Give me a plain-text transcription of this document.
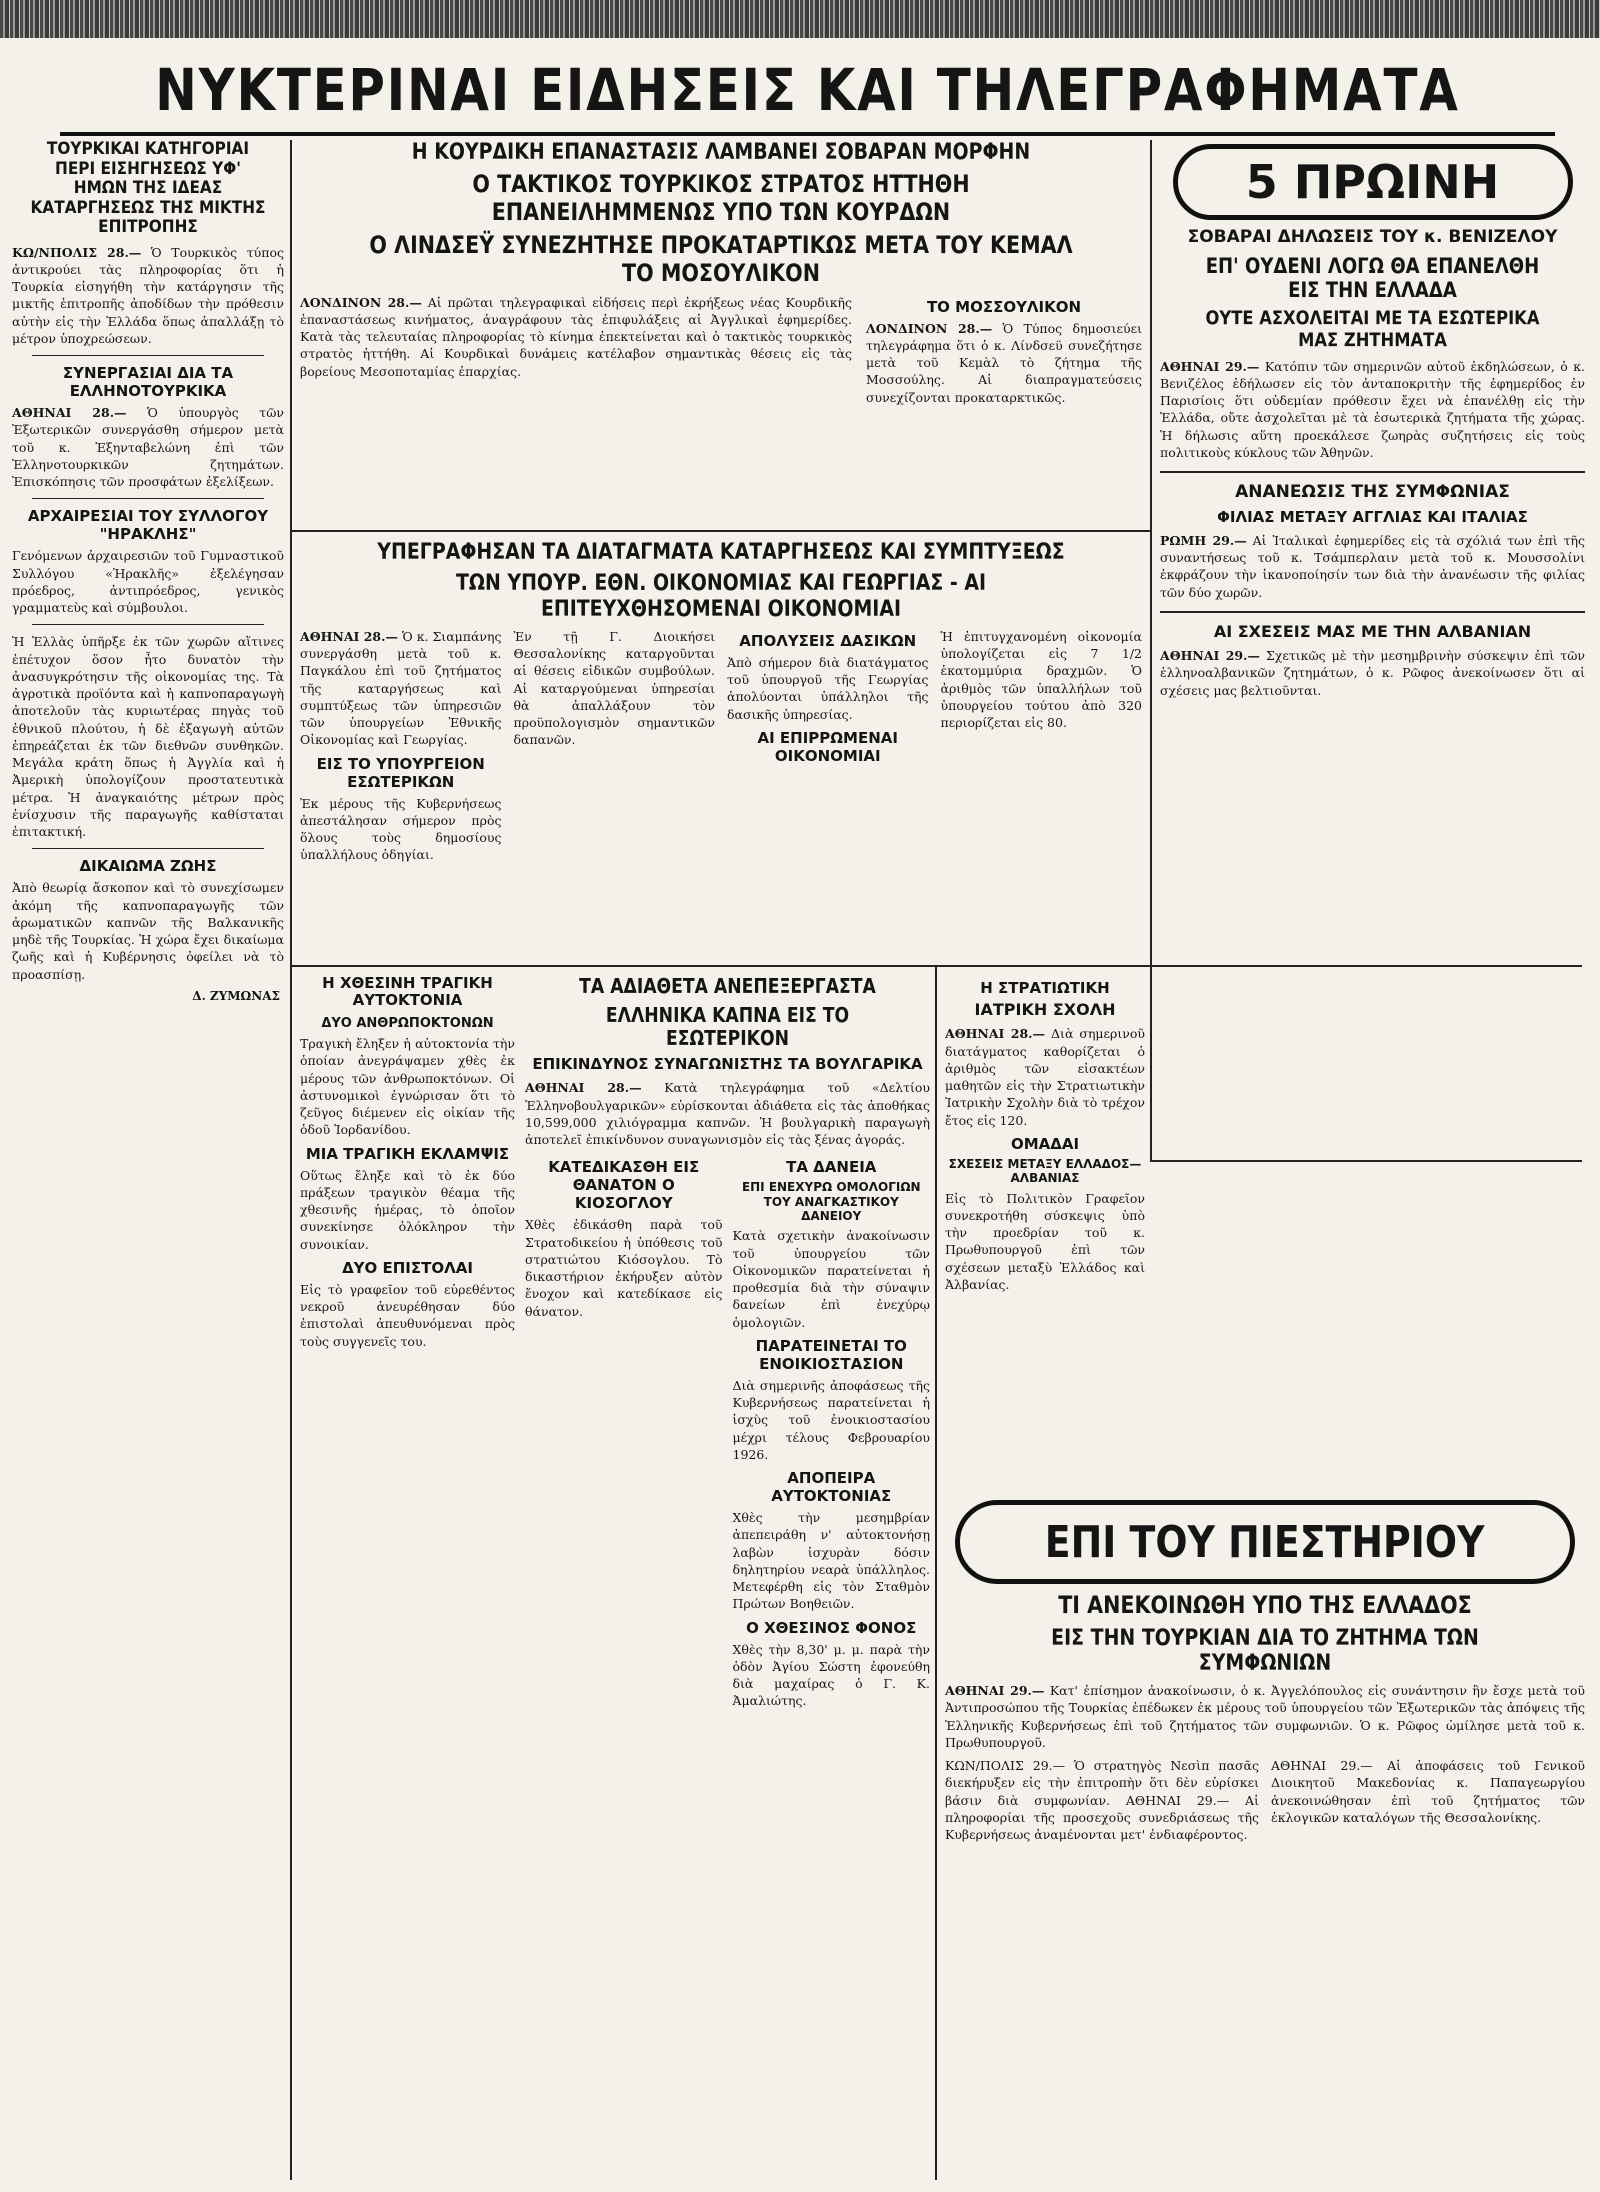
ΝΥΚΤΕΡΙΝΑΙ ΕΙΔΗΣΕΙΣ ΚΑΙ ΤΗΛΕΓΡΑΦΗΜΑΤΑ
ΤΟΥΡΚΙΚΑΙ ΚΑΤΗΓΟΡΙΑΙ ΠΕΡΙ ΕΙΣΗΓΗΣΕΩΣ ΥΦ' ΗΜΩΝ ΤΗΣ ΙΔΕΑΣ ΚΑΤΑΡΓΗΣΕΩΣ ΤΗΣ ΜΙΚΤΗΣ ΕΠΙΤΡΟΠΗΣ

ΚΩ/ΝΠΟΛΙΣ 28.— Ὁ Τουρκικὸς τύπος ἀντικρούει τὰς πληροφορίας ὅτι ἡ Τουρκία εἰσηγήθη τὴν κατάργησιν τῆς μικτῆς ἐπιτροπῆς ἀποδίδων τὴν πρόθεσιν αὐτὴν εἰς τὴν Ἑλλάδα ὅπως ἀπαλλάξῃ τὸ μέτρον ὑποχρεώσεων.

ΣΥΝΕΡΓΑΣΙΑΙ ΔΙΑ ΤΑ ΕΛΛΗΝΟΤΟΥΡΚΙΚΑ

ΑΘΗΝΑΙ 28.— Ὁ ὑπουργὸς τῶν Ἐξωτερικῶν συνεργάσθη σήμερον μετὰ τοῦ κ. Ἐξηνταβελώνη ἐπὶ τῶν Ἑλληνοτουρκικῶν ζητημάτων. Ἐπισκόπησις τῶν προσφάτων ἐξελίξεων.

ΑΡΧΑΙΡΕΣΙΑΙ ΤΟΥ ΣΥΛΛΟΓΟΥ "ΗΡΑΚΛΗΣ"

Γενόμενων ἀρχαιρεσιῶν τοῦ Γυμναστικοῦ Συλλόγου «Ἡρακλῆς» ἐξελέγησαν πρόεδρος, ἀντιπρόεδρος, γενικὸς γραμματεὺς καὶ σύμβουλοι.

Ἡ Ἑλλὰς ὑπῆρξε ἐκ τῶν χωρῶν αἵτινες ἐπέτυχον ὅσον ἦτο δυνατὸν τὴν ἀνασυγκρότησιν τῆς οἰκονομίας της. Τὰ ἀγροτικὰ προϊόντα καὶ ἡ καπνοπαραγωγὴ ἀποτελοῦν τὰς κυριωτέρας πηγὰς τοῦ ἐθνικοῦ πλούτου, ἡ δὲ ἐξαγωγὴ αὐτῶν ἐπηρεάζεται ἐκ τῶν διεθνῶν συνθηκῶν. Μεγάλα κράτη ὅπως ἡ Ἀγγλία καὶ ἡ Ἀμερικὴ ὑπολογίζουν προστατευτικὰ μέτρα. Ἡ ἀναγκαιότης μέτρων πρὸς ἐνίσχυσιν τῆς παραγωγῆς καθίσταται ἐπιτακτική.

ΔΙΚΑΙΩΜΑ ΖΩΗΣ

Ἀπὸ θεωρίᾳ ἄσκοπον καὶ τὸ συνεχίσωμεν ἀκόμη τῆς καπνοπαραγωγῆς τῶν ἀρωματικῶν καπνῶν τῆς Βαλκανικῆς μηδὲ τῆς Τουρκίας. Ἡ χώρα ἔχει δικαίωμα ζωῆς καὶ ἡ Κυβέρνησις ὀφείλει νὰ τὸ προασπίσῃ.

Δ. ΖΥΜΩΝΑΣ
Η ΚΟΥΡΔΙΚΗ ΕΠΑΝΑΣΤΑΣΙΣ ΛΑΜΒΑΝΕΙ ΣΟΒΑΡΑΝ ΜΟΡΦΗΝ
Ο ΤΑΚΤΙΚΟΣ ΤΟΥΡΚΙΚΟΣ ΣΤΡΑΤΟΣ ΗΤΤΗΘΗ ΕΠΑΝΕΙΛΗΜΜΕΝΩΣ ΥΠΟ ΤΩΝ ΚΟΥΡΔΩΝ
Ο ΛΙΝΔΣΕΫ ΣΥΝΕΖΗΤΗΣΕ ΠΡΟΚΑΤΑΡΤΙΚΩΣ ΜΕΤΑ ΤΟΥ ΚΕΜΑΛ ΤΟ ΜΟΣΟΥΛΙΚΟΝ

ΛΟΝΔΙΝΟΝ 28.— Αἱ πρῶται τηλεγραφικαὶ εἰδήσεις περὶ ἐκρήξεως νέας Κουρδικῆς ἐπαναστάσεως κινήματος, ἀναγράφουν τὰς ἐπιφυλάξεις αἱ Ἀγγλικαὶ ἐφημερίδες. Κατὰ τὰς τελευταίας πληροφορίας τὸ κίνημα ἐπεκτείνεται καὶ ὁ τακτικὸς τουρκικὸς στρατὸς ἡττήθη. Αἱ Κουρδικαὶ δυνάμεις κατέλαβον σημαντικὰς θέσεις εἰς τὰς βορείους Μεσοποταμίας ἐπαρχίας.

ΤΟ ΜΟΣΣΟΥΛΙΚΟΝ

ΛΟΝΔΙΝΟΝ 28.— Ὁ Τύπος δημοσιεύει τηλεγράφημα ὅτι ὁ κ. Λίνδσεϋ συνεζήτησε μετὰ τοῦ Κεμὰλ τὸ ζήτημα τῆς Μοσσούλης. Αἱ διαπραγματεύσεις συνεχίζονται προκαταρκτικῶς.

ΥΠΕΓΡΑΦΗΣΑΝ ΤΑ ΔΙΑΤΑΓΜΑΤΑ ΚΑΤΑΡΓΗΣΕΩΣ ΚΑΙ ΣΥΜΠΤΥΞΕΩΣ
ΤΩΝ ΥΠΟΥΡ. ΕΘΝ. ΟΙΚΟΝΟΜΙΑΣ ΚΑΙ ΓΕΩΡΓΙΑΣ - ΑΙ ΕΠΙΤΕΥΧΘΗΣΟΜΕΝΑΙ ΟΙΚΟΝΟΜΙΑΙ

ΑΘΗΝΑΙ 28.— Ὁ κ. Σιαμπάνης συνεργάσθη μετὰ τοῦ κ. Παγκάλου ἐπὶ τοῦ ζητήματος τῆς καταργήσεως καὶ συμπτύξεως τῶν ὑπηρεσιῶν τῶν ὑπουργείων Ἐθνικῆς Οἰκονομίας καὶ Γεωργίας.

ΕΙΣ ΤΟ ΥΠΟΥΡΓΕΙΟΝ ΕΣΩΤΕΡΙΚΩΝ

Ἐκ μέρους τῆς Κυβερνήσεως ἀπεστάλησαν σήμερον πρὸς ὅλους τοὺς δημοσίους ὑπαλλήλους ὁδηγίαι.

Ἐν τῇ Γ. Διοικήσει Θεσσαλονίκης καταργοῦνται αἱ θέσεις εἰδικῶν συμβούλων. Αἱ καταργούμεναι ὑπηρεσίαι θὰ ἀπαλλάξουν τὸν προϋπολογισμὸν σημαντικῶν δαπανῶν.

ΑΠΟΛΥΣΕΙΣ ΔΑΣΙΚΩΝ

Ἀπὸ σήμερον διὰ διατάγματος τοῦ ὑπουργοῦ τῆς Γεωργίας ἀπολύονται ὑπάλληλοι τῆς δασικῆς ὑπηρεσίας.

ΑΙ ΕΠΙΡΡΩΜΕΝΑΙ ΟΙΚΟΝΟΜΙΑΙ

Ἡ ἐπιτυγχανομένη οἰκονομία ὑπολογίζεται εἰς 7 1/2 ἑκατομμύρια δραχμῶν. Ὁ ἀριθμὸς τῶν ὑπαλλήλων τοῦ ὑπουργείου τούτου ἀπὸ 320 περιορίζεται εἰς 80.

5 ΠΡΩΙΝΗ
ΣΟΒΑΡΑΙ ΔΗΛΩΣΕΙΣ ΤΟΥ κ. ΒΕΝΙΖΕΛΟΥ
ΕΠ' ΟΥΔΕΝΙ ΛΟΓΩ ΘΑ ΕΠΑΝΕΛΘΗ ΕΙΣ ΤΗΝ ΕΛΛΑΔΑ
ΟΥΤΕ ΑΣΧΟΛΕΙΤΑΙ ΜΕ ΤΑ ΕΣΩΤΕΡΙΚΑ ΜΑΣ ΖΗΤΗΜΑΤΑ

ΑΘΗΝΑΙ 29.— Κατόπιν τῶν σημερινῶν αὐτοῦ ἐκδηλώσεων, ὁ κ. Βενιζέλος ἐδήλωσεν εἰς τὸν ἀνταποκριτὴν τῆς ἐφημερίδος ἐν Παρισίοις ὅτι οὐδεμίαν πρόθεσιν ἔχει νὰ ἐπανέλθῃ εἰς τὴν Ἑλλάδα, οὔτε ἀσχολεῖται μὲ τὰ ἐσωτερικὰ ζητήματα τῆς χώρας. Ἡ δήλωσις αὕτη προεκάλεσε ζωηρὰς συζητήσεις εἰς τοὺς πολιτικοὺς κύκλους τῶν Ἀθηνῶν.

ΑΝΑΝΕΩΣΙΣ ΤΗΣ ΣΥΜΦΩΝΙΑΣ
ΦΙΛΙΑΣ ΜΕΤΑΞΥ ΑΓΓΛΙΑΣ ΚΑΙ ΙΤΑΛΙΑΣ

ΡΩΜΗ 29.— Αἱ Ἰταλικαὶ ἐφημερίδες εἰς τὰ σχόλιά των ἐπὶ τῆς συναντήσεως τοῦ κ. Τσάμπερλαιν μετὰ τοῦ κ. Μουσσολίνι ἐκφράζουν τὴν ἱκανοποίησίν των διὰ τὴν ἀνανέωσιν τῆς φιλίας τῶν δύο χωρῶν.

ΑΙ ΣΧΕΣΕΙΣ ΜΑΣ ΜΕ ΤΗΝ ΑΛΒΑΝΙΑΝ

ΑΘΗΝΑΙ 29.— Σχετικῶς μὲ τὴν μεσημβρινὴν σύσκεψιν ἐπὶ τῶν ἑλληνοαλβανικῶν ζητημάτων, ὁ κ. Ρῶφος ἀνεκοίνωσεν ὅτι αἱ σχέσεις μας βελτιοῦνται.

Η ΧΘΕΣΙΝΗ ΤΡΑΓΙΚΗ ΑΥΤΟΚΤΟΝΙΑ
ΔΥΟ ΑΝΘΡΩΠΟΚΤΟΝΩΝ

Τραγικὴ ἔληξεν ἡ αὐτοκτονία τὴν ὁποίαν ἀνεγράψαμεν χθὲς ἐκ μέρους τῶν ἀνθρωποκτόνων. Οἱ ἀστυνομικοὶ ἐγνώρισαν ὅτι τὸ ζεῦγος διέμενεν εἰς οἰκίαν τῆς ὁδοῦ Ἰορδανίδου.

ΜΙΑ ΤΡΑΓΙΚΗ ΕΚΛΑΜΨΙΣ

Οὕτως ἔληξε καὶ τὸ ἐκ δύο πράξεων τραγικὸν θέαμα τῆς χθεσινῆς ἡμέρας, τὸ ὁποῖον συνεκίνησε ὁλόκληρον τὴν συνοικίαν.

ΔΥΟ ΕΠΙΣΤΟΛΑΙ

Εἰς τὸ γραφεῖον τοῦ εὑρεθέντος νεκροῦ ἀνευρέθησαν δύο ἐπιστολαὶ ἀπευθυνόμεναι πρὸς τοὺς συγγενεῖς του.

ΤΑ ΑΔΙΑΘΕΤΑ ΑΝΕΠΕΞΕΡΓΑΣΤΑ
ΕΛΛΗΝΙΚΑ ΚΑΠΝΑ ΕΙΣ ΤΟ ΕΣΩΤΕΡΙΚΟΝ
ΕΠΙΚΙΝΔΥΝΟΣ ΣΥΝΑΓΩΝΙΣΤΗΣ ΤΑ ΒΟΥΛΓΑΡΙΚΑ

ΑΘΗΝΑΙ 28.— Κατὰ τηλεγράφημα τοῦ «Δελτίου Ἐλληνοβουλγαρικῶν» εὑρίσκονται ἀδιάθετα εἰς τὰς ἀποθήκας 10,599,000 χιλιόγραμμα καπνῶν. Ἡ βουλγαρικὴ παραγωγὴ ἀποτελεῖ ἐπικίνδυνον συναγωνισμὸν εἰς τὰς ξένας ἀγοράς.

ΚΑΤΕΔΙΚΑΣΘΗ ΕΙΣ ΘΑΝΑΤΟΝ Ο ΚΙΟΣΟΓΛΟΥ

Χθὲς ἐδικάσθη παρὰ τοῦ Στρατοδικείου ἡ ὑπόθεσις τοῦ στρατιώτου Κιόσογλου. Τὸ δικαστήριον ἐκήρυξεν αὐτὸν ἔνοχον καὶ κατεδίκασε εἰς θάνατον.

ΤΑ ΔΑΝΕΙΑ
ΕΠΙ ΕΝΕΧΥΡΩ ΟΜΟΛΟΓΙΩΝ ΤΟΥ ΑΝΑΓΚΑΣΤΙΚΟΥ ΔΑΝΕΙΟΥ

Κατὰ σχετικὴν ἀνακοίνωσιν τοῦ ὑπουργείου τῶν Οἰκονομικῶν παρατείνεται ἡ προθεσμία διὰ τὴν σύναψιν δανείων ἐπὶ ἐνεχύρῳ ὁμολογιῶν.

ΠΑΡΑΤΕΙΝΕΤΑΙ ΤΟ ΕΝΟΙΚΙΟΣΤΑΣΙΟΝ

Διὰ σημερινῆς ἀποφάσεως τῆς Κυβερνήσεως παρατείνεται ἡ ἰσχὺς τοῦ ἐνοικιοστασίου μέχρι τέλους Φεβρουαρίου 1926.

ΑΠΟΠΕΙΡΑ ΑΥΤΟΚΤΟΝΙΑΣ

Χθὲς τὴν μεσημβρίαν ἀπεπειράθη ν' αὐτοκτονήσῃ λαβὼν ἰσχυρὰν δόσιν δηλητηρίου νεαρὰ ὑπάλληλος. Μετεφέρθη εἰς τὸν Σταθμὸν Πρώτων Βοηθειῶν.

Ο ΧΘΕΣΙΝΟΣ ΦΟΝΟΣ

Χθὲς τὴν 8,30' μ. μ. παρὰ τὴν ὁδὸν Ἀγίου Σώστη ἐφονεύθη διὰ μαχαίρας ὁ Γ. Κ. Ἀμαλιώτης.

Η ΣΤΡΑΤΙΩΤΙΚΗ
ΙΑΤΡΙΚΗ ΣΧΟΛΗ

ΑΘΗΝΑΙ 28.— Διὰ σημερινοῦ διατάγματος καθορίζεται ὁ ἀριθμὸς τῶν εἰσακτέων μαθητῶν εἰς τὴν Στρατιωτικὴν Ἰατρικὴν Σχολὴν διὰ τὸ τρέχον ἔτος εἰς 120.

ΟΜΑΔΑΙ
ΣΧΕΣΕΙΣ ΜΕΤΑΞΥ ΕΛΛΑΔΟΣ—ΑΛΒΑΝΙΑΣ

Εἰς τὸ Πολιτικὸν Γραφεῖον συνεκροτήθη σύσκεψις ὑπὸ τὴν προεδρίαν τοῦ κ. Πρωθυπουργοῦ ἐπὶ τῶν σχέσεων μεταξὺ Ἑλλάδος καὶ Ἀλβανίας.

ΕΠΙ ΤΟΥ ΠΙΕΣΤΗΡΙΟΥ
ΤΙ ΑΝΕΚΟΙΝΩΘΗ ΥΠΟ ΤΗΣ ΕΛΛΑΔΟΣ
ΕΙΣ ΤΗΝ ΤΟΥΡΚΙΑΝ ΔΙΑ ΤΟ ΖΗΤΗΜΑ ΤΩΝ ΣΥΜΦΩΝΙΩΝ

ΑΘΗΝΑΙ 29.— Κατ' ἐπίσημον ἀνακοίνωσιν, ὁ κ. Ἀγγελόπουλος εἰς συνάντησιν ἣν ἔσχε μετὰ τοῦ Ἀντιπροσώπου τῆς Τουρκίας ἐπέδωκεν ἐκ μέρους τοῦ ὑπουργείου τῶν Ἐξωτερικῶν τὰς ἀπόψεις τῆς Ἑλληνικῆς Κυβερνήσεως ἐπὶ τοῦ ζητήματος τῶν συμφωνιῶν. Ὁ κ. Ρῶφος ὡμίλησε μετὰ τοῦ κ. Πρωθυπουργοῦ.

ΚΩΝ/ΠΟΛΙΣ 29.— Ὁ στρατηγὸς Νεσὶπ πασᾶς διεκήρυξεν εἰς τὴν ἐπιτροπὴν ὅτι δὲν εὑρίσκει βάσιν διὰ συμφωνίαν. ΑΘΗΝΑΙ 29.— Αἱ πληροφορίαι τῆς προσεχοῦς συνεδριάσεως τῆς Κυβερνήσεως ἀναμένονται μετ' ἐνδιαφέροντος.

ΑΘΗΝΑΙ 29.— Αἱ ἀποφάσεις τοῦ Γενικοῦ Διοικητοῦ Μακεδονίας κ. Παπαγεωργίου ἀνεκοινώθησαν ἐπὶ τοῦ ζητήματος τῶν ἐκλογικῶν καταλόγων τῆς Θεσσαλονίκης.
